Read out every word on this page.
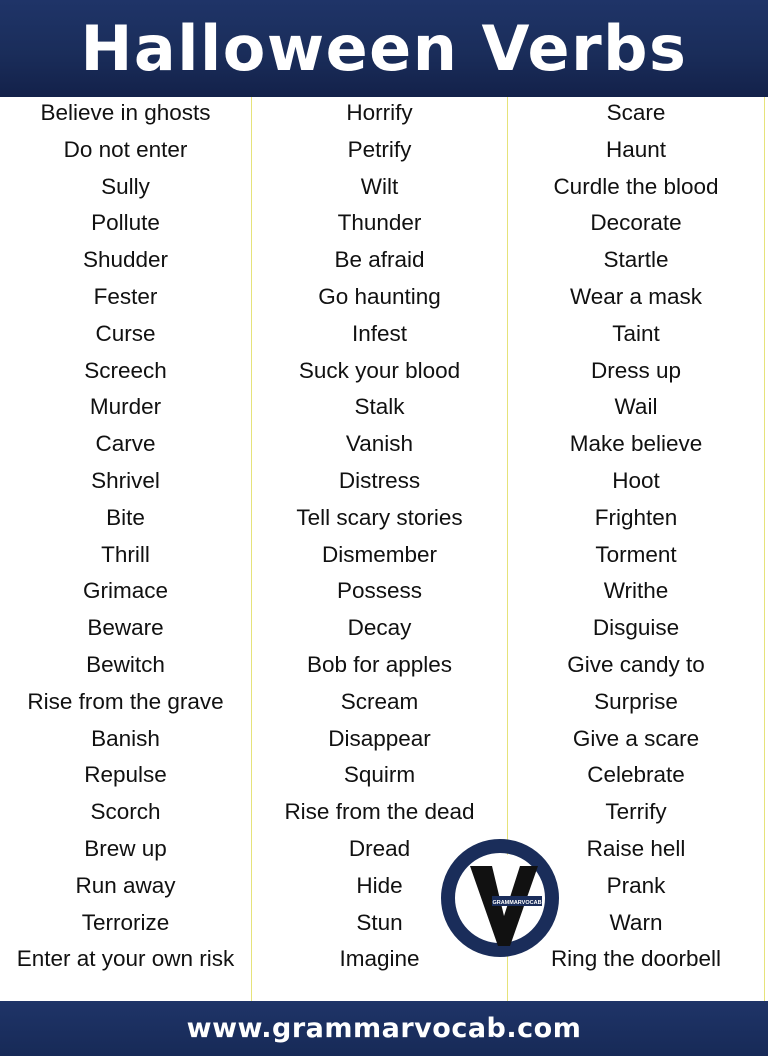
Halloween Verbs
Believe in ghosts
Do not enter
Sully
Pollute
Shudder
Fester
Curse
Screech
Murder
Carve
Shrivel
Bite
Thrill
Grimace
Beware
Bewitch
Rise from the grave
Banish
Repulse
Scorch
Brew up
Run away
Terrorize
Enter at your own risk
Horrify
Petrify
Wilt
Thunder
Be afraid
Go haunting
Infest
Suck your blood
Stalk
Vanish
Distress
Tell scary stories
Dismember
Possess
Decay
Bob for apples
Scream
Disappear
Squirm
Rise from the dead
Dread
Hide
Stun
Imagine
Scare
Haunt
Curdle the blood
Decorate
Startle
Wear a mask
Taint
Dress up
Wail
Make believe
Hoot
Frighten
Torment
Writhe
Disguise
Give candy to
Surprise
Give a scare
Celebrate
Terrify
Raise hell
Prank
Warn
Ring the doorbell
GRAMMARVOCAB
www.grammarvocab.com
